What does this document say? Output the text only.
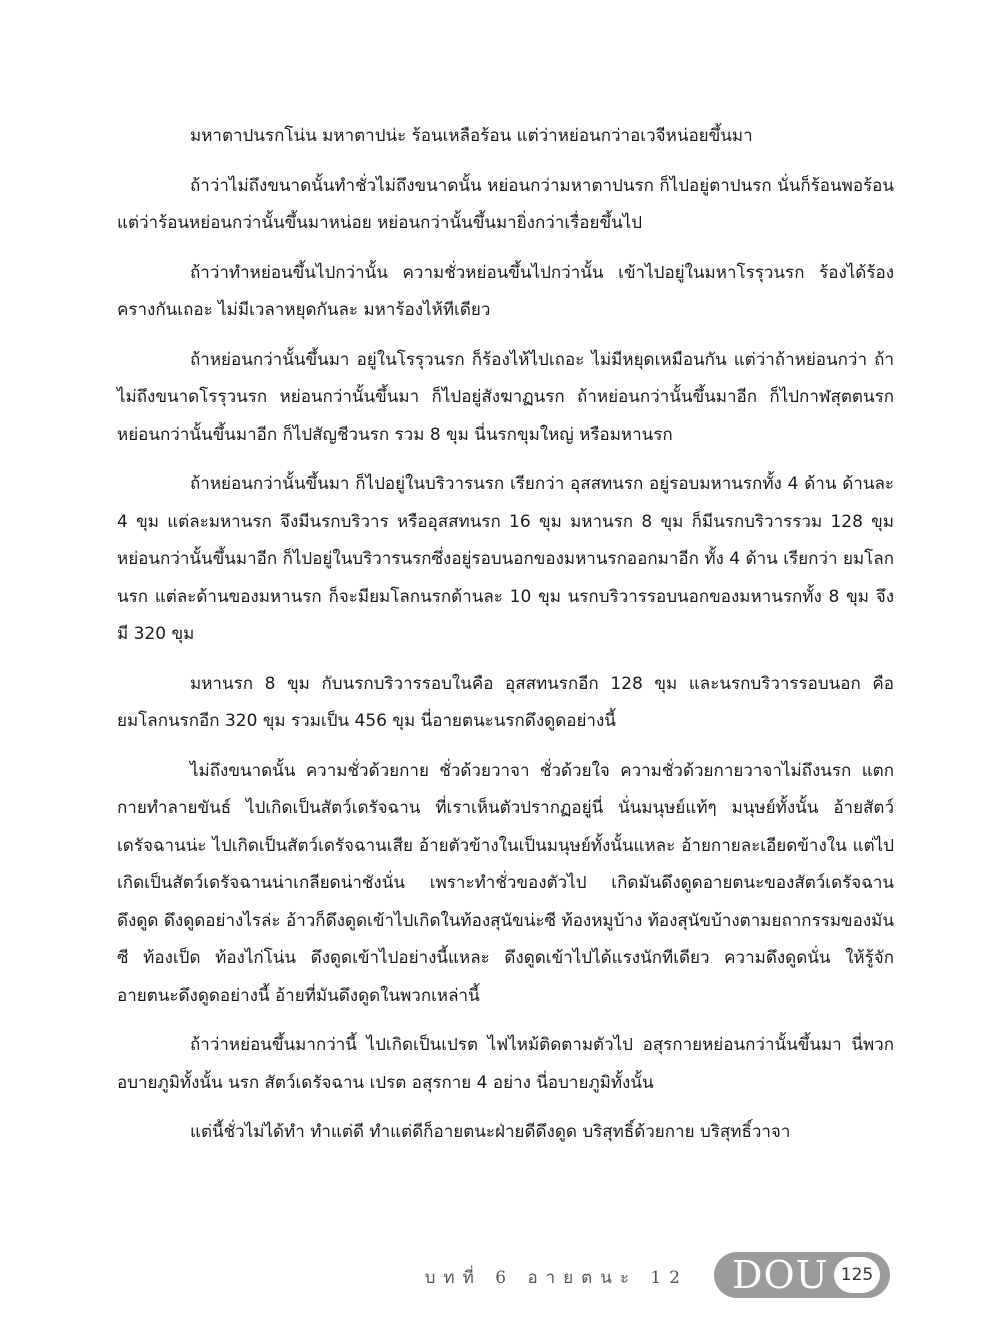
มหาตาปนรกโน่น มหาตาปน่ะ ร้อนเหลือร้อน แต่ว่าหย่อนกว่าอเวจีหน่อยขึ้นมา

ถ้าว่าไม่ถึงขนาดนั้นทำชั่วไม่ถึงขนาดนั้น หย่อนกว่ามหาตาปนรก ก็ไปอยู่ตาปนรก นั่นก็ร้อนพอร้อน แต่ว่าร้อนหย่อนกว่านั้นขึ้นมาหน่อย หย่อนกว่านั้นขึ้นมายิ่งกว่าเรื่อยขึ้นไป

ถ้าว่าทำหย่อนขึ้นไปกว่านั้น ความชั่วหย่อนขึ้นไปกว่านั้น เข้าไปอยู่ในมหาโรรุวนรก ร้องได้ร้องครางกันเถอะ ไม่มีเวลาหยุดกันละ มหาร้องไห้ทีเดียว

ถ้าหย่อนกว่านั้นขึ้นมา อยู่ในโรรุวนรก ก็ร้องไห้ไปเถอะ ไม่มีหยุดเหมือนกัน แต่ว่าถ้าหย่อนกว่า ถ้าไม่ถึงขนาดโรรุวนรก หย่อนกว่านั้นขึ้นมา ก็ไปอยู่สังฆาฏนรก ถ้าหย่อนกว่านั้นขึ้นมาอีก ก็ไปกาฬสุตตนรก หย่อนกว่านั้นขึ้นมาอีก ก็ไปสัญชีวนรก รวม 8 ขุม นี่นรกขุมใหญ่ หรือมหานรก

ถ้าหย่อนกว่านั้นขึ้นมา ก็ไปอยู่ในบริวารนรก เรียกว่า อุสสทนรก อยู่รอบมหานรกทั้ง 4 ด้าน ด้านละ 4 ขุม แต่ละมหานรก จึงมีนรกบริวาร หรืออุสสทนรก 16 ขุม มหานรก 8 ขุม ก็มีนรกบริวารรวม 128 ขุม หย่อนกว่านั้นขึ้นมาอีก ก็ไปอยู่ในบริวารนรกซึ่งอยู่รอบนอกของมหานรกออกมาอีก ทั้ง 4 ด้าน เรียกว่า ยมโลกนรก แต่ละด้านของมหานรก ก็จะมียมโลกนรกด้านละ 10 ขุม นรกบริวารรอบนอกของมหานรกทั้ง 8 ขุม จึงมี 320 ขุม

มหานรก 8 ขุม กับนรกบริวารรอบในคือ อุสสทนรกอีก 128 ขุม และนรกบริวารรอบนอก คือ ยมโลกนรกอีก 320 ขุม รวมเป็น 456 ขุม นี่อายตนะนรกดึงดูดอย่างนี้

ไม่ถึงขนาดนั้น ความชั่วด้วยกาย ชั่วด้วยวาจา ชั่วด้วยใจ ความชั่วด้วยกายวาจาไม่ถึงนรก แตกกายทำลายขันธ์ ไปเกิดเป็นสัตว์เดรัจฉาน ที่เราเห็นตัวปรากฏอยู่นี่ นั่นมนุษย์แท้ๆ มนุษย์ทั้งนั้น อ้ายสัตว์เดรัจฉานน่ะ ไปเกิดเป็นสัตว์เดรัจฉานเสีย อ้ายตัวข้างในเป็นมนุษย์ทั้งนั้นแหละ อ้ายกายละเอียดข้างใน แต่ไปเกิดเป็นสัตว์เดรัจฉานน่าเกลียดน่าชังนั่น เพราะทำชั่วของตัวไป เกิดมันดึงดูดอายตนะของสัตว์เดรัจฉานดึงดูด ดึงดูดอย่างไรล่ะ อ้าวก็ดึงดูดเข้าไปเกิดในท้องสุนัขน่ะซี ท้องหมูบ้าง ท้องสุนัขบ้างตามยถากรรมของมันซี ท้องเป็ด ท้องไก่โน่น ดึงดูดเข้าไปอย่างนี้แหละ ดึงดูดเข้าไปได้แรงนักทีเดียว ความดึงดูดนั่น ให้รู้จักอายตนะดึงดูดอย่างนี้ อ้ายที่มันดึงดูดในพวกเหล่านี้

ถ้าว่าหย่อนขึ้นมากว่านี้ ไปเกิดเป็นเปรต ไฟไหม้ติดตามตัวไป อสุรกายหย่อนกว่านั้นขึ้นมา นี่พวกอบายภูมิทั้งนั้น นรก สัตว์เดรัจฉาน เปรต อสุรกาย 4 อย่าง นี่อบายภูมิทั้งนั้น

แต่นี้ชั่วไม่ได้ทำ ทำแต่ดี ทำแต่ดีก็อายตนะฝ่ายดีดึงดูด บริสุทธิ์ด้วยกาย บริสุทธิ์วาจา

บทที่ 6 อายตนะ 12 DOU 125
